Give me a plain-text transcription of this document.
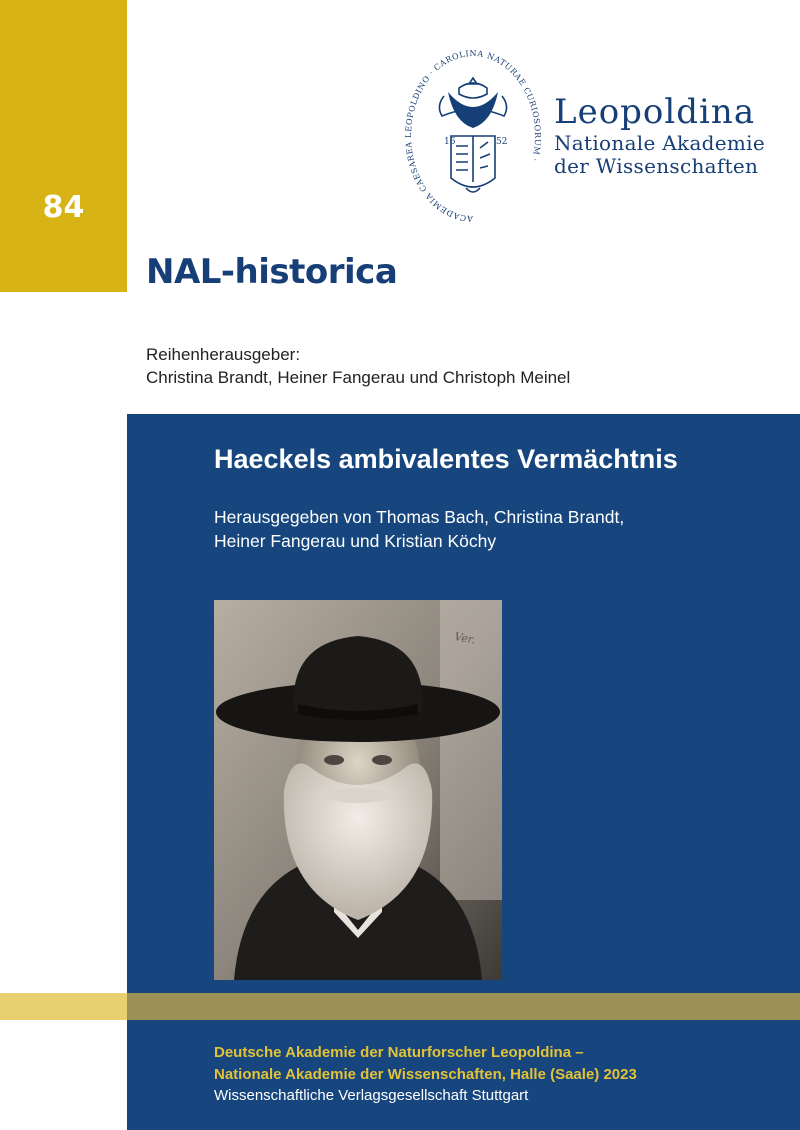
84	ACADEMIA CAESAREA LEOPOLDINO · CAROLINA NATURAE CURIOSORUM ·
16	52
Leopoldina
Nationale Akademie
der Wissenschaften
NAL-historica
Reihenherausgeber:
Christina Brandt, Heiner Fangerau und Christoph Meinel
Haeckels ambivalentes Vermächtnis
Herausgegeben von Thomas Bach, Christina Brandt,
Heiner Fangerau und Kristian Köchy
Ver.
Deutsche Akademie der Naturforscher Leopoldina –
Nationale Akademie der Wissenschaften, Halle (Saale) 2023
Wissenschaftliche Verlagsgesellschaft Stuttgart
